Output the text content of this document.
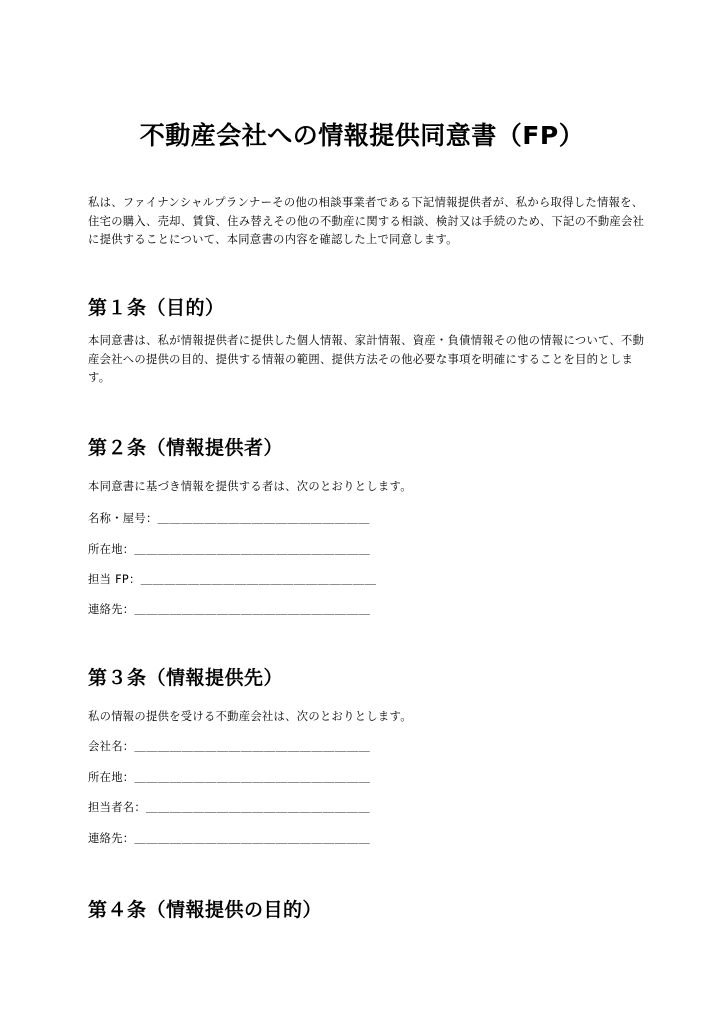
不動産会社への情報提供同意書（FP）
私は、ファイナンシャルプランナーその他の相談事業者である下記情報提供者が、私から取得した情報を、住宅の購入、売却、賃貸、住み替えその他の不動産に関する相談、検討又は手続のため、下記の不動産会社に提供することについて、本同意書の内容を確認した上で同意します。
第１条（目的）
本同意書は、私が情報提供者に提供した個人情報、家計情報、資産・負債情報その他の情報について、不動産会社への提供の目的、提供する情報の範囲、提供方法その他必要な事項を明確にすることを目的とします。
第２条（情報提供者）
本同意書に基づき情報を提供する者は、次のとおりとします。
名称・屋号：＿＿＿＿＿＿＿＿＿＿＿＿＿＿＿＿＿＿
所在地：＿＿＿＿＿＿＿＿＿＿＿＿＿＿＿＿＿＿＿＿
担当 FP：＿＿＿＿＿＿＿＿＿＿＿＿＿＿＿＿＿＿＿＿
連絡先：＿＿＿＿＿＿＿＿＿＿＿＿＿＿＿＿＿＿＿＿
第３条（情報提供先）
私の情報の提供を受ける不動産会社は、次のとおりとします。
会社名：＿＿＿＿＿＿＿＿＿＿＿＿＿＿＿＿＿＿＿＿
所在地：＿＿＿＿＿＿＿＿＿＿＿＿＿＿＿＿＿＿＿＿
担当者名：＿＿＿＿＿＿＿＿＿＿＿＿＿＿＿＿＿＿＿
連絡先：＿＿＿＿＿＿＿＿＿＿＿＿＿＿＿＿＿＿＿＿
第４条（情報提供の目的）
